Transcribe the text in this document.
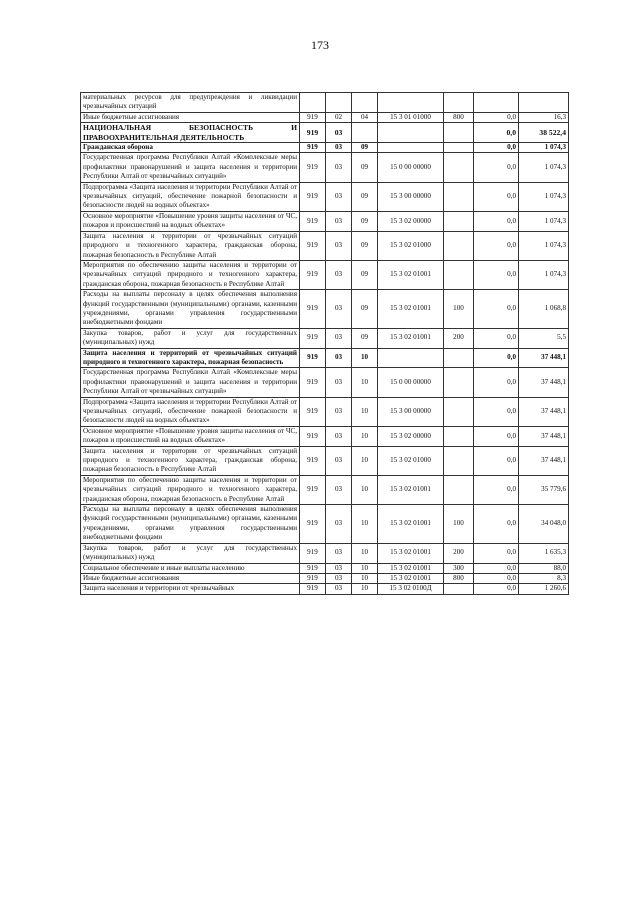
173
материальных ресурсов для предупреждения и ликвидации чрезвычайных ситуаций							
Иные бюджетные ассигнования	919	02	04	15 3 01 01000	800	0,0	16,3
НАЦИОНАЛЬНАЯ БЕЗОПАСНОСТЬ И ПРАВООХРАНИТЕЛЬНАЯ ДЕЯТЕЛЬНОСТЬ	919	03				0,0	38 522,4
Гражданская оборона	919	03	09			0,0	1 074,3
Государственная программа Республики Алтай «Комплексные меры профилактики правонарушений и защита населения и территории Республики Алтай от чрезвычайных ситуаций»	919	03	09	15 0 00 00000		0,0	1 074,3
Подпрограмма «Защита населения и территории Республики Алтай от чрезвычайных ситуаций, обеспечение пожарной безопасности и безопасности людей на водных объектах»	919	03	09	15 3 00 00000		0,0	1 074,3
Основное мероприятие «Повышение уровня защиты населения от ЧС, пожаров и происшествий на водных объектах»	919	03	09	15 3 02 00000		0,0	1 074,3
Защита населения и территории от чрезвычайных ситуаций природного и техногенного характера, гражданская оборона, пожарная безопасность в Республике Алтай	919	03	09	15 3 02 01000		0,0	1 074,3
Мероприятия по обеспечению защиты населения и территории от чрезвычайных ситуаций природного и техногенного характера, гражданская оборона, пожарная безопасность в Республике Алтай	919	03	09	15 3 02 01001		0,0	1 074,3
Расходы на выплаты персоналу в целях обеспечения выполнения функций государственными (муниципальными) органами, казенными учреждениями, органами управления государственными внебюджетными фондами	919	03	09	15 3 02 01001	100	0,0	1 068,8
Закупка товаров, работ и услуг для государственных (муниципальных) нужд	919	03	09	15 3 02 01001	200	0,0	5,5
Защита населения и территорий от чрезвычайных ситуаций природного и техногенного характера, пожарная безопасность	919	03	10			0,0	37 448,1
Государственная программа Республики Алтай «Комплексные меры профилактики правонарушений и защита населения и территории Республики Алтай от чрезвычайных ситуаций»	919	03	10	15 0 00 00000		0,0	37 448,1
Подпрограмма «Защита населения и территории Республики Алтай от чрезвычайных ситуаций, обеспечение пожарной безопасности и безопасности людей на водных объектах»	919	03	10	15 3 00 00000		0,0	37 448,1
Основное мероприятие «Повышение уровня защиты населения от ЧС, пожаров и происшествий на водных объектах»	919	03	10	15 3 02 00000		0,0	37 448,1
Защита населения и территории от чрезвычайных ситуаций природного и техногенного характера, гражданская оборона, пожарная безопасность в Республике Алтай	919	03	10	15 3 02 01000		0,0	37 448,1
Мероприятия по обеспечению защиты населения и территории от чрезвычайных ситуаций природного и техногенного характера, гражданская оборона, пожарная безопасность в Республике Алтай	919	03	10	15 3 02 01001		0,0	35 779,6
Расходы на выплаты персоналу в целях обеспечения выполнения функций государственными (муниципальными) органами, казенными учреждениями, органами управления государственными внебюджетными фондами	919	03	10	15 3 02 01001	100	0,0	34 048,0
Закупка товаров, работ и услуг для государственных (муниципальных) нужд	919	03	10	15 3 02 01001	200	0,0	1 635,3
Социальное обеспечение и иные выплаты населению	919	03	10	15 3 02 01001	300	0,0	88,0
Иные бюджетные ассигнования	919	03	10	15 3 02 01001	800	0,0	8,3
Защита населения и территории от чрезвычайных	919	03	10	15 3 02 0100Д		0,0	1 260,6
